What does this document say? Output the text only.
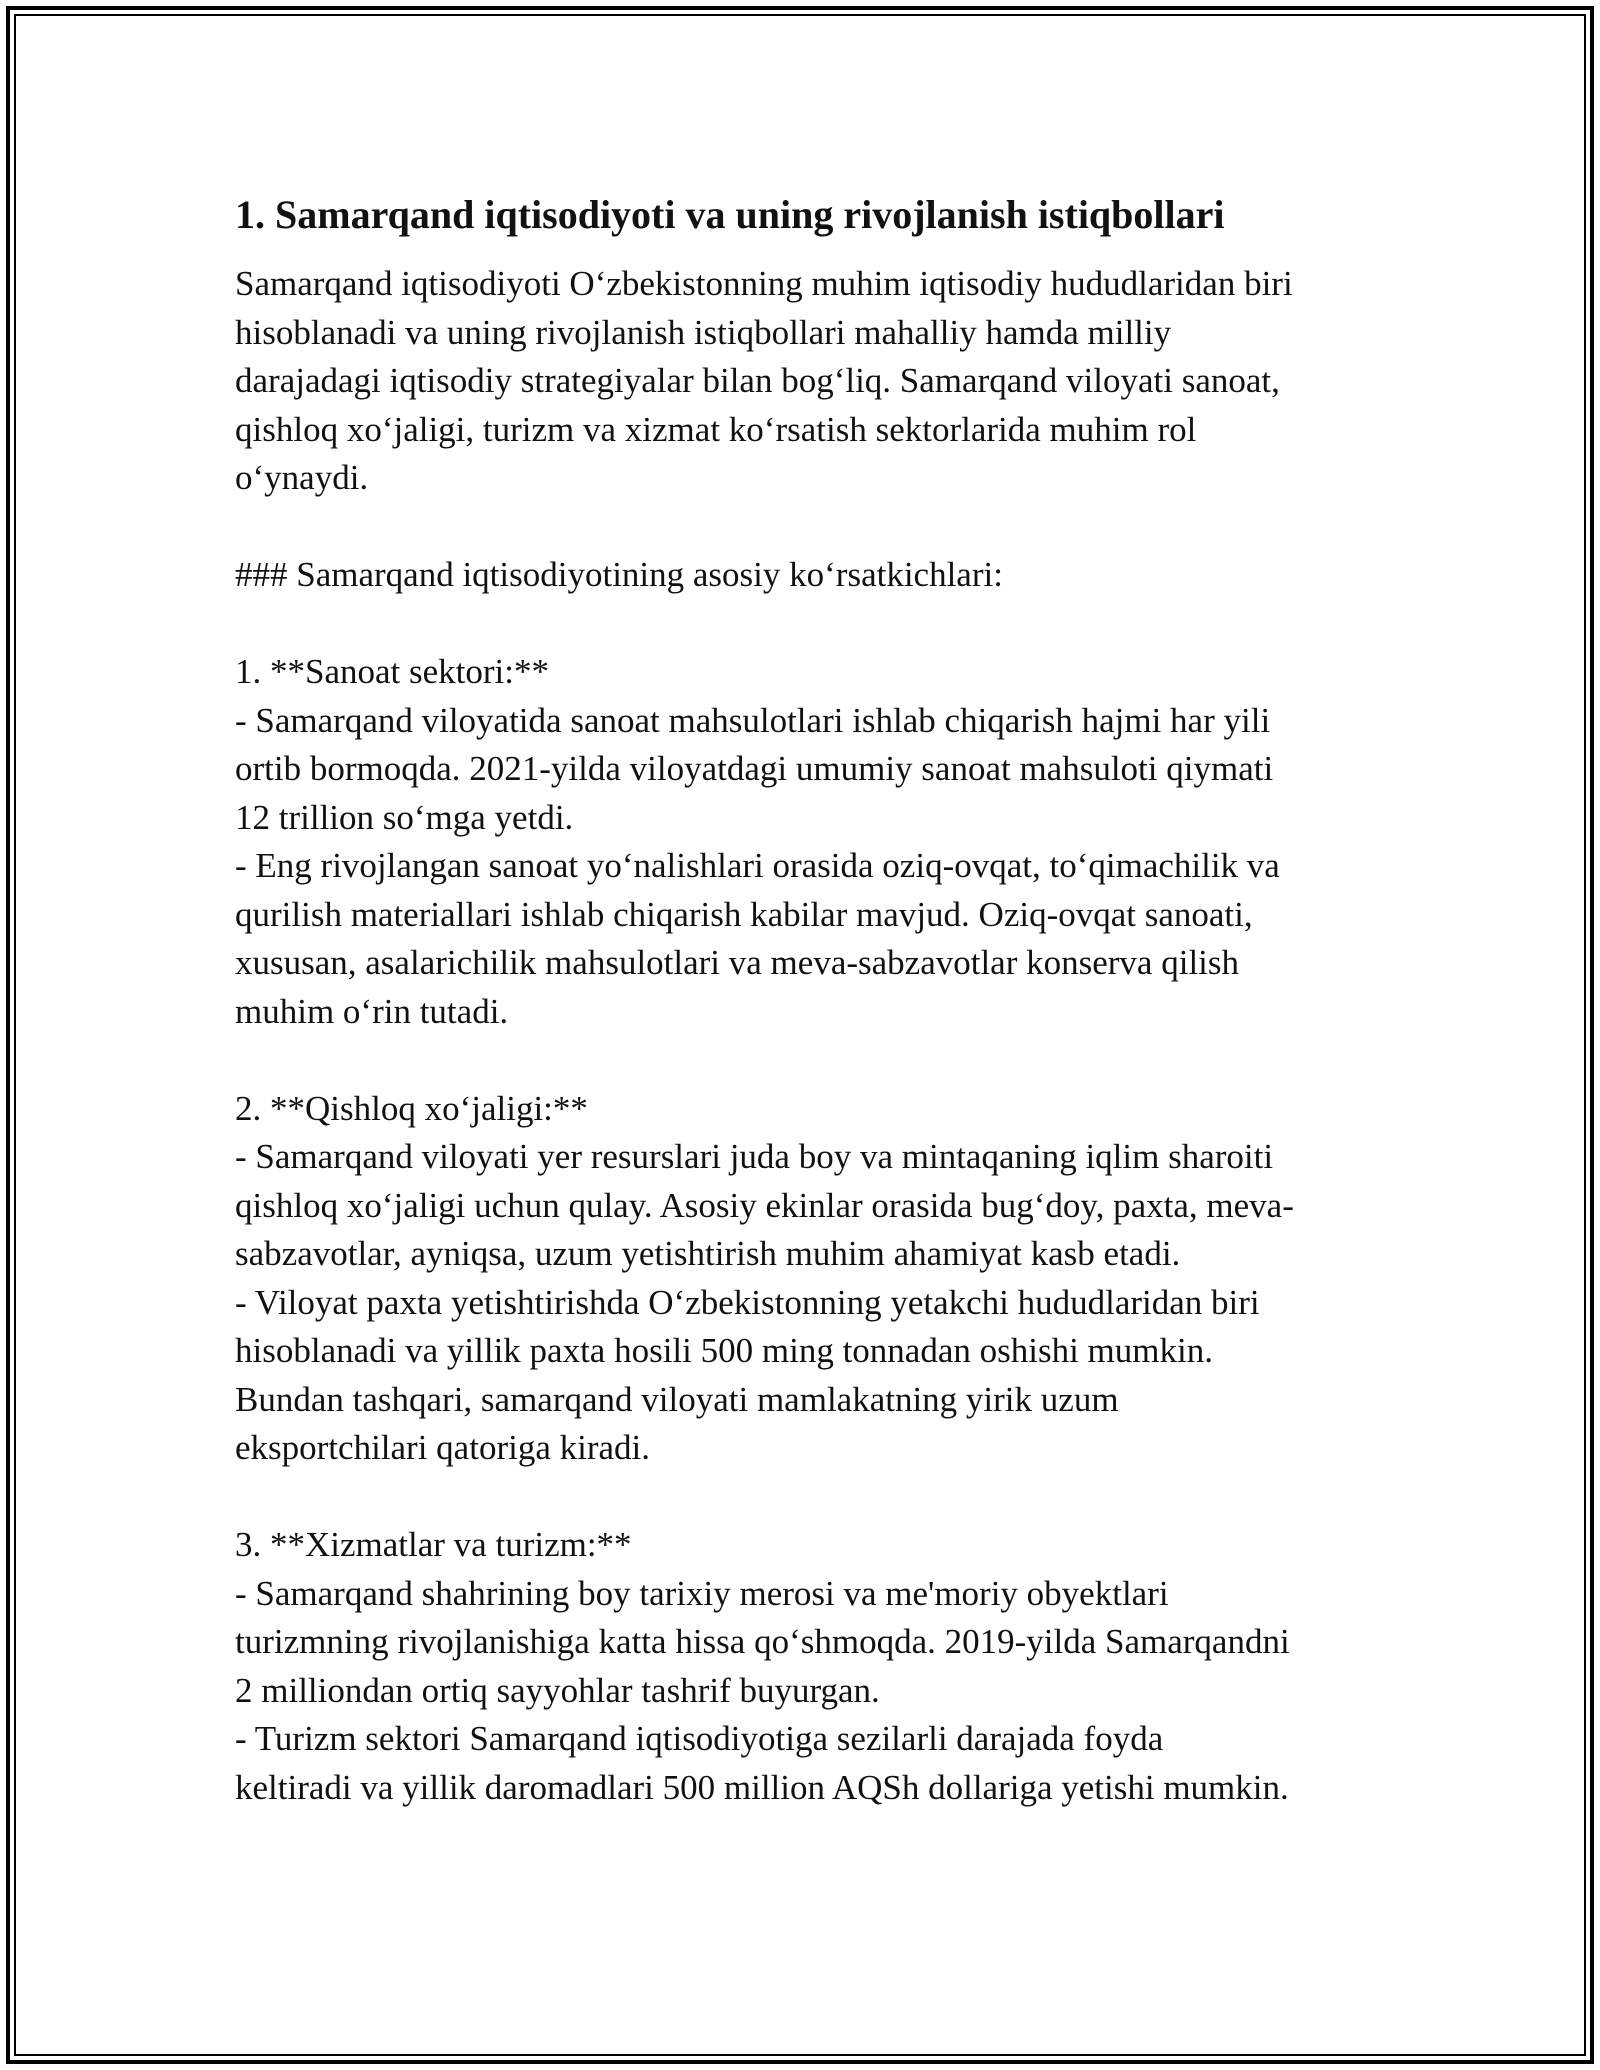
1. Samarqand iqtisodiyoti va uning rivojlanish istiqbollari

Samarqand iqtisodiyoti O‘zbekistonning muhim iqtisodiy hududlaridan biri
hisoblanadi va uning rivojlanish istiqbollari mahalliy hamda milliy
darajadagi iqtisodiy strategiyalar bilan bog‘liq. Samarqand viloyati sanoat,
qishloq xo‘jaligi, turizm va xizmat ko‘rsatish sektorlarida muhim rol
o‘ynaydi.

### Samarqand iqtisodiyotining asosiy ko‘rsatkichlari:

1. **Sanoat sektori:**
- Samarqand viloyatida sanoat mahsulotlari ishlab chiqarish hajmi har yili
ortib bormoqda. 2021-yilda viloyatdagi umumiy sanoat mahsuloti qiymati
12 trillion so‘mga yetdi.
- Eng rivojlangan sanoat yo‘nalishlari orasida oziq-ovqat, to‘qimachilik va
qurilish materiallari ishlab chiqarish kabilar mavjud. Oziq-ovqat sanoati,
xususan, asalarichilik mahsulotlari va meva-sabzavotlar konserva qilish
muhim o‘rin tutadi.

2. **Qishloq xo‘jaligi:**
- Samarqand viloyati yer resurslari juda boy va mintaqaning iqlim sharoiti
qishloq xo‘jaligi uchun qulay. Asosiy ekinlar orasida bug‘doy, paxta, meva-
sabzavotlar, ayniqsa, uzum yetishtirish muhim ahamiyat kasb etadi.
- Viloyat paxta yetishtirishda O‘zbekistonning yetakchi hududlaridan biri
hisoblanadi va yillik paxta hosili 500 ming tonnadan oshishi mumkin.
Bundan tashqari, samarqand viloyati mamlakatning yirik uzum
eksportchilari qatoriga kiradi.

3. **Xizmatlar va turizm:**
- Samarqand shahrining boy tarixiy merosi va me'moriy obyektlari
turizmning rivojlanishiga katta hissa qo‘shmoqda. 2019-yilda Samarqandni
2 milliondan ortiq sayyohlar tashrif buyurgan.
- Turizm sektori Samarqand iqtisodiyotiga sezilarli darajada foyda
keltiradi va yillik daromadlari 500 million AQSh dollariga yetishi mumkin.
